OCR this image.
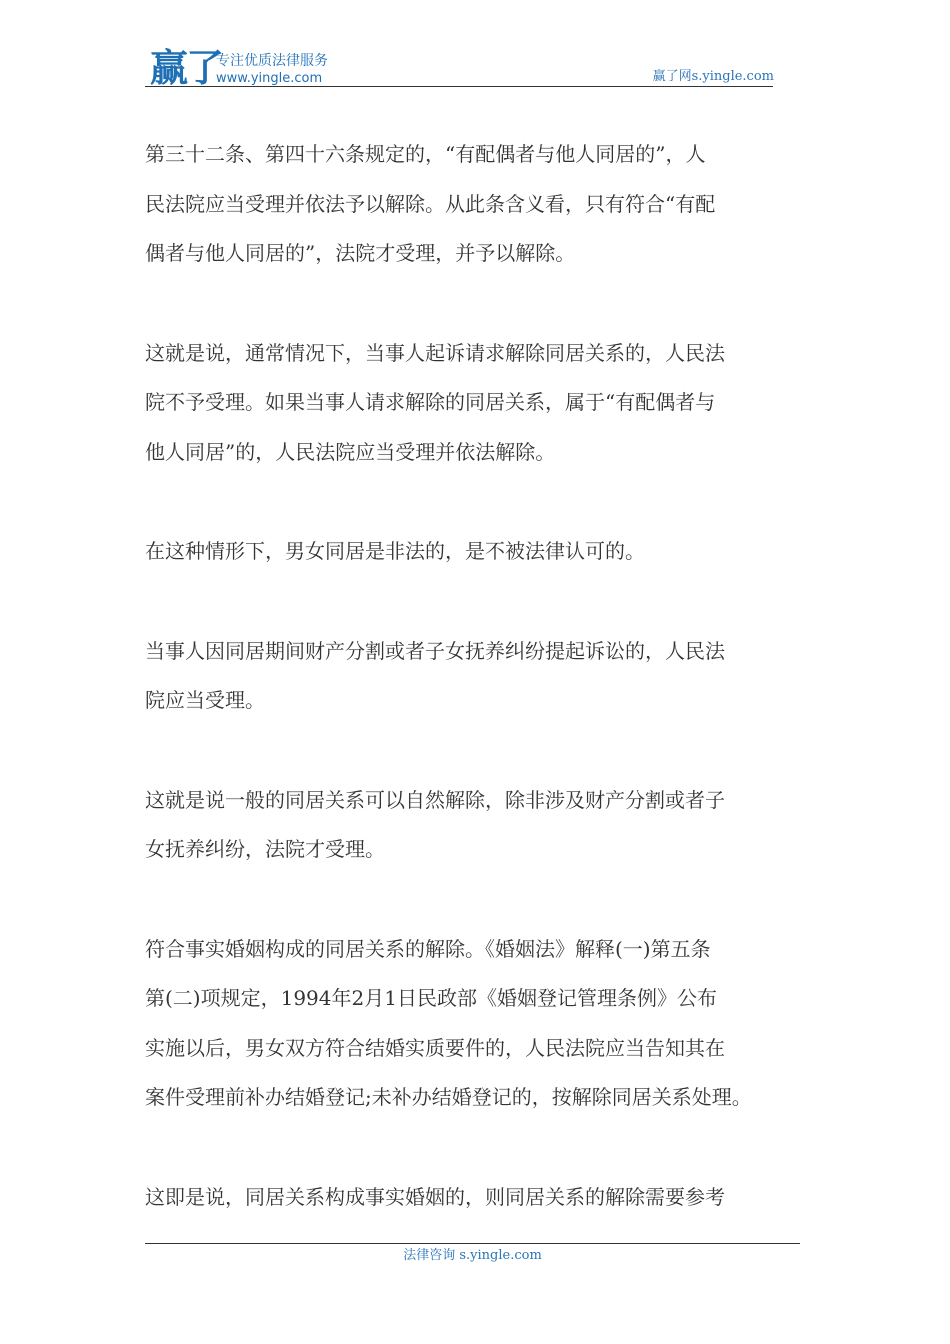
赢了
专注优质法律服务
www.yingle.com	赢了网s.yingle.com

第三十二条、第四十六条规定的，“有配偶者与他人同居的”，人
民法院应当受理并依法予以解除。从此条含义看，只有符合“有配
偶者与他人同居的”，法院才受理，并予以解除。

这就是说，通常情况下，当事人起诉请求解除同居关系的，人民法
院不予受理。如果当事人请求解除的同居关系，属于“有配偶者与
他人同居”的，人民法院应当受理并依法解除。

在这种情形下，男女同居是非法的，是不被法律认可的。

当事人因同居期间财产分割或者子女抚养纠纷提起诉讼的，人民法
院应当受理。

这就是说一般的同居关系可以自然解除，除非涉及财产分割或者子
女抚养纠纷，法院才受理。

符合事实婚姻构成的同居关系的解除。《婚姻法》解释(一)第五条
第(二)项规定，1994年2月1日民政部《婚姻登记管理条例》公布
实施以后，男女双方符合结婚实质要件的，人民法院应当告知其在
案件受理前补办结婚登记;未补办结婚登记的，按解除同居关系处理。

这即是说，同居关系构成事实婚姻的，则同居关系的解除需要参考

法律咨询 s.yingle.com
